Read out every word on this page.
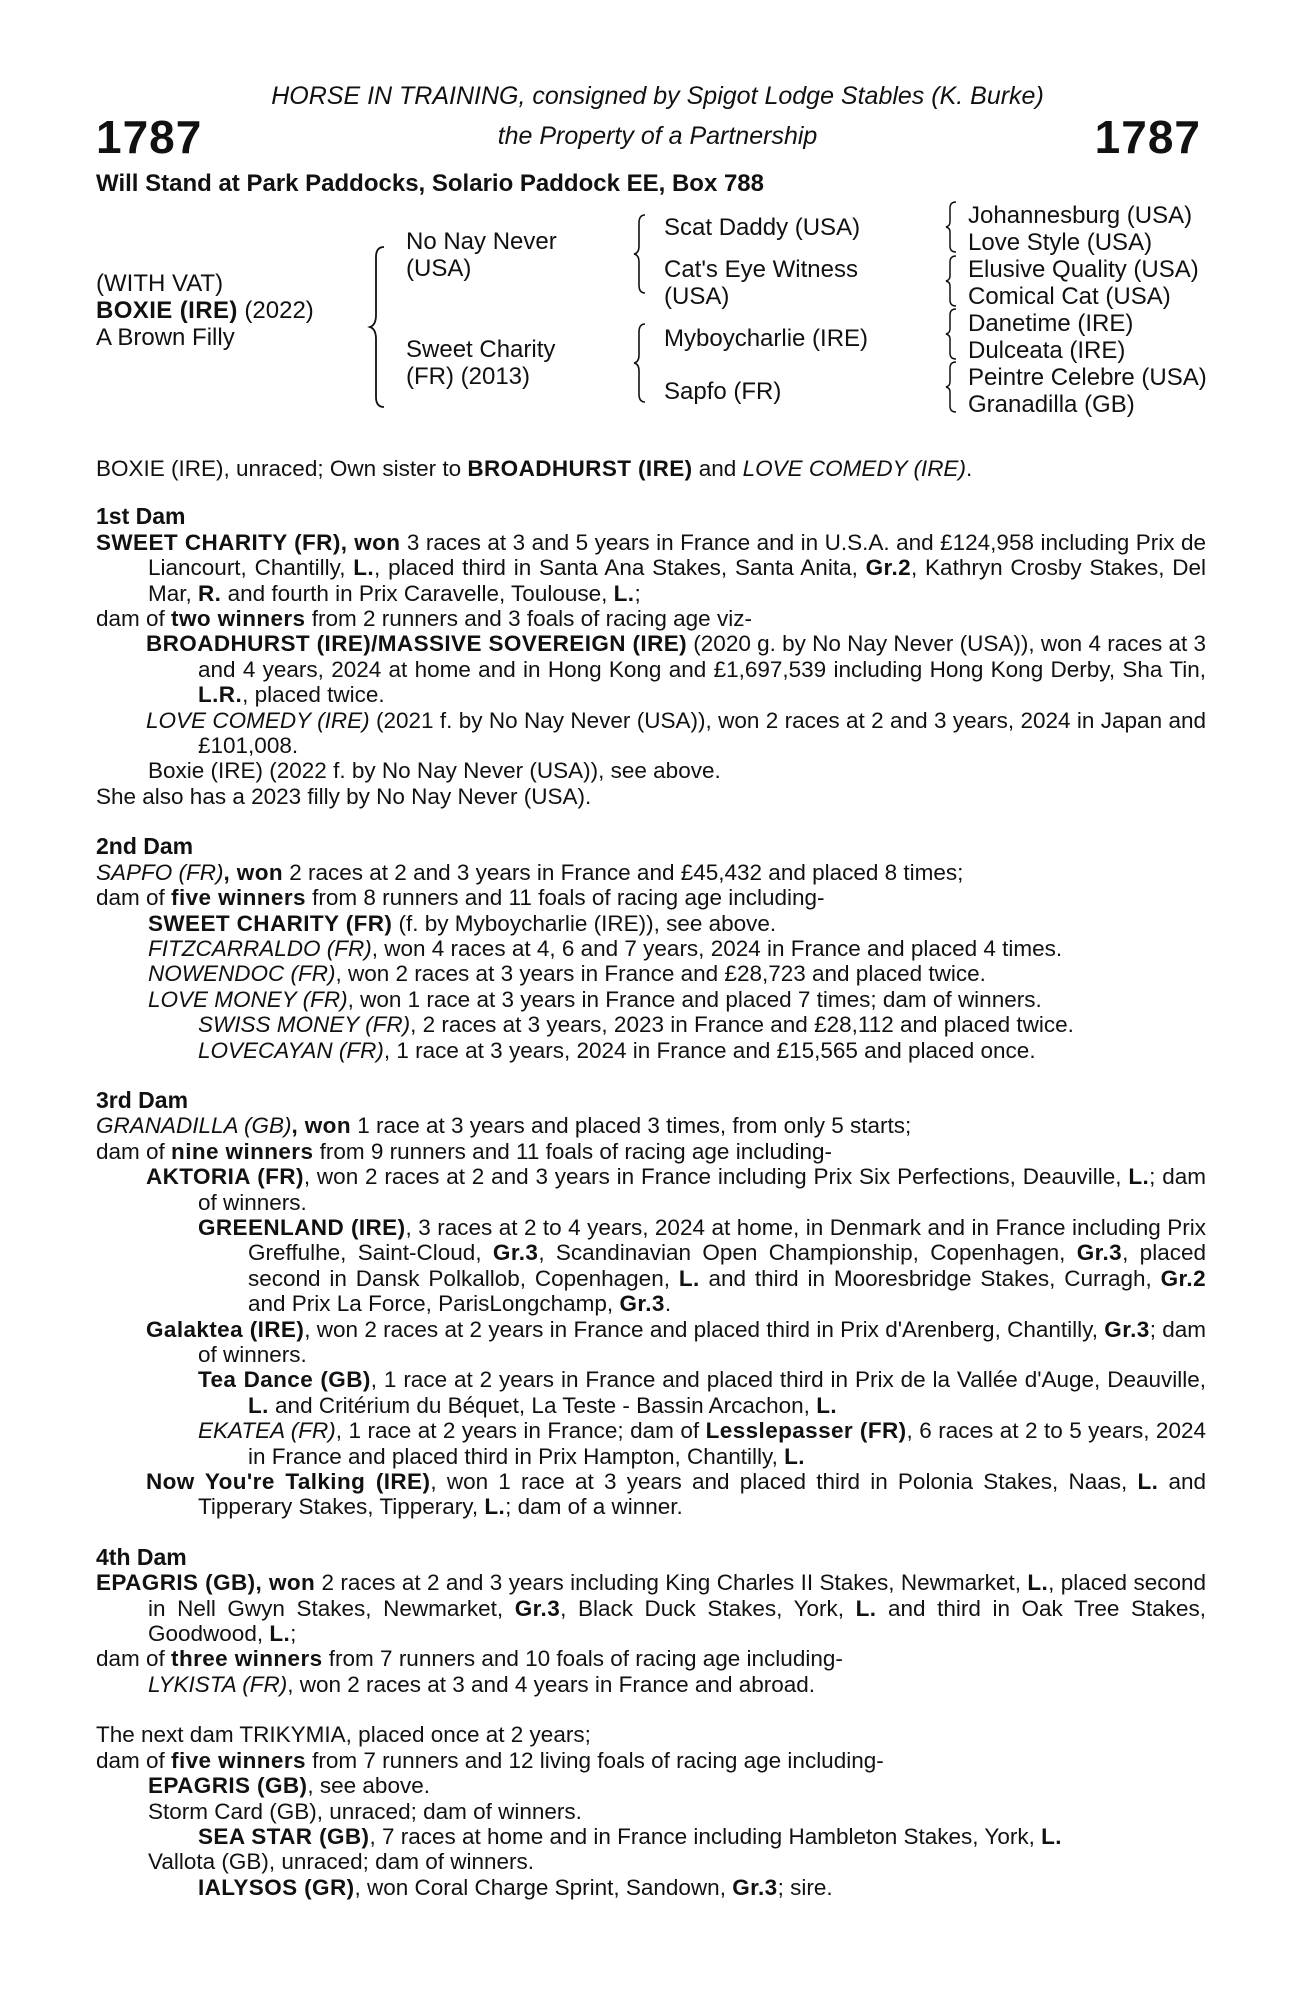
HORSE IN TRAINING, consigned by Spigot Lodge Stables (K. Burke)
the Property of a Partnership
1787	1787
Will Stand at Park Paddocks, Solario Paddock EE, Box 788
(WITH VAT)
BOXIE (IRE) (2022)
A Brown Filly
No Nay Never (USA)
Sweet Charity (FR) (2013)
Scat Daddy (USA)
Cat's Eye Witness (USA)
Myboycharlie (IRE)
Sapfo (FR)
Johannesburg (USA)
Love Style (USA)
Elusive Quality (USA)
Comical Cat (USA)
Danetime (IRE)
Dulceata (IRE)
Peintre Celebre (USA)
Granadilla (GB)

BOXIE (IRE), unraced; Own sister to BROADHURST (IRE) and LOVE COMEDY (IRE).

1st Dam

SWEET CHARITY (FR), won 3 races at 3 and 5 years in France and in U.S.A. and £124,958 including Prix de Liancourt, Chantilly, L., placed third in Santa Ana Stakes, Santa Anita, Gr.2, Kathryn Crosby Stakes, Del Mar, R. and fourth in Prix Caravelle, Toulouse, L.;

dam of two winners from 2 runners and 3 foals of racing age viz-

BROADHURST (IRE)/MASSIVE SOVEREIGN (IRE) (2020 g. by No Nay Never (USA)), won 4 races at 3 and 4 years, 2024 at home and in Hong Kong and £1,697,539 including Hong Kong Derby, Sha Tin, L.R., placed twice.

LOVE COMEDY (IRE) (2021 f. by No Nay Never (USA)), won 2 races at 2 and 3 years, 2024 in Japan and £101,008.

Boxie (IRE) (2022 f. by No Nay Never (USA)), see above.

She also has a 2023 filly by No Nay Never (USA).

2nd Dam

SAPFO (FR), won 2 races at 2 and 3 years in France and £45,432 and placed 8 times;

dam of five winners from 8 runners and 11 foals of racing age including-

SWEET CHARITY (FR) (f. by Myboycharlie (IRE)), see above.

FITZCARRALDO (FR), won 4 races at 4, 6 and 7 years, 2024 in France and placed 4 times.

NOWENDOC (FR), won 2 races at 3 years in France and £28,723 and placed twice.

LOVE MONEY (FR), won 1 race at 3 years in France and placed 7 times; dam of winners.

SWISS MONEY (FR), 2 races at 3 years, 2023 in France and £28,112 and placed twice.

LOVECAYAN (FR), 1 race at 3 years, 2024 in France and £15,565 and placed once.

3rd Dam

GRANADILLA (GB), won 1 race at 3 years and placed 3 times, from only 5 starts;

dam of nine winners from 9 runners and 11 foals of racing age including-

AKTORIA (FR), won 2 races at 2 and 3 years in France including Prix Six Perfections, Deauville, L.; dam of winners.

GREENLAND (IRE), 3 races at 2 to 4 years, 2024 at home, in Denmark and in France including Prix Greffulhe, Saint-Cloud, Gr.3, Scandinavian Open Championship, Copenhagen, Gr.3, placed second in Dansk Polkallob, Copenhagen, L. and third in Mooresbridge Stakes, Curragh, Gr.2 and Prix La Force, ParisLongchamp, Gr.3.

Galaktea (IRE), won 2 races at 2 years in France and placed third in Prix d'Arenberg, Chantilly, Gr.3; dam of winners.

Tea Dance (GB), 1 race at 2 years in France and placed third in Prix de la Vallée d'Auge, Deauville, L. and Critérium du Béquet, La Teste - Bassin Arcachon, L.

EKATEA (FR), 1 race at 2 years in France; dam of Lesslepasser (FR), 6 races at 2 to 5 years, 2024 in France and placed third in Prix Hampton, Chantilly, L.

Now You're Talking (IRE), won 1 race at 3 years and placed third in Polonia Stakes, Naas, L. and Tipperary Stakes, Tipperary, L.; dam of a winner.

4th Dam

EPAGRIS (GB), won 2 races at 2 and 3 years including King Charles II Stakes, Newmarket, L., placed second in Nell Gwyn Stakes, Newmarket, Gr.3, Black Duck Stakes, York, L. and third in Oak Tree Stakes, Goodwood, L.;

dam of three winners from 7 runners and 10 foals of racing age including-

LYKISTA (FR), won 2 races at 3 and 4 years in France and abroad.

The next dam TRIKYMIA, placed once at 2 years;

dam of five winners from 7 runners and 12 living foals of racing age including-

EPAGRIS (GB), see above.

Storm Card (GB), unraced; dam of winners.

SEA STAR (GB), 7 races at home and in France including Hambleton Stakes, York, L.

Vallota (GB), unraced; dam of winners.

IALYSOS (GR), won Coral Charge Sprint, Sandown, Gr.3; sire.
